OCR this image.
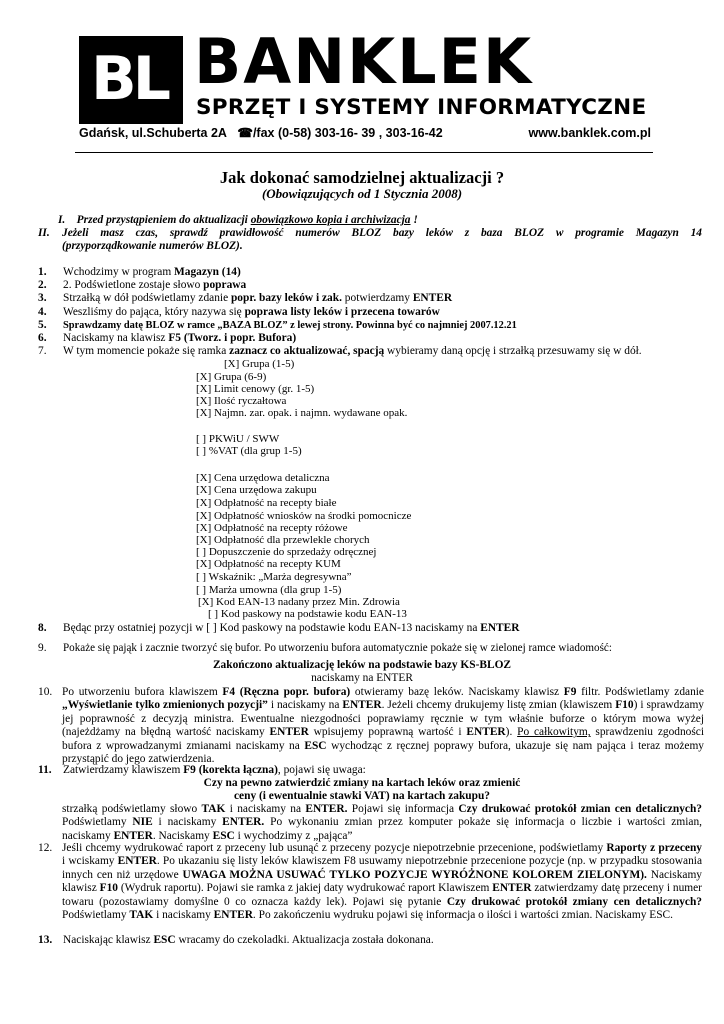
BL BANKLEK
SPRZĘT I SYSTEMY INFORMATYCZNE
Gdańsk, ul.Schuberta 2A ☎/fax (0-58) 303-16- 39 , 303-16-42	www.banklek.com.pl
Jak dokonać samodzielnej aktualizacji ?
(Obowiązujących od 1 Stycznia 2008)
I. Przed przystąpieniem do aktualizacji obowiązkowo kopia i archiwizacja !
II. Jeżeli masz czas, sprawdź prawidłowość numerów BLOZ bazy leków z baza BLOZ w programie Magazyn 14
(przyporządkowanie numerów BLOZ).
1.	Wchodzimy w program Magazyn (14)
2.	2. Podświetlone zostaje słowo poprawa
3.	Strzałką w dół podświetlamy zdanie popr. bazy leków i zak. potwierdzamy ENTER
4.	Weszliśmy do pająca, który nazywa się poprawa listy leków i przecena towarów
5.	Sprawdzamy datę BLOZ w ramce „BAZA BLOZ” z lewej strony. Powinna być co najmniej 2007.12.21
6.	Naciskamy na klawisz F5 (Tworz. i popr. Bufora)
7.	W tym momencie pokaże się ramka zaznacz co aktualizować, spacją wybieramy daną opcję i strzałką przesuwamy się w dół.
[X] Grupa (1-5)
[X] Grupa (6-9)
[X] Limit cenowy (gr. 1-5)
[X] Ilość ryczałtowa
[X] Najmn. zar. opak. i najmn. wydawane opak.
[ ] PKWiU / SWW
[ ] %VAT (dla grup 1-5)
[X] Cena urzędowa detaliczna
[X] Cena urzędowa zakupu
[X] Odpłatność na recepty białe
[X] Odpłatność wniosków na środki pomocnicze
[X] Odpłatność na recepty różowe
[X] Odpłatność dla przewlekle chorych
[ ] Dopuszczenie do sprzedaży odręcznej
[X] Odpłatność na recepty KUM
[ ] Wskaźnik: „Marża degresywna”
[ ] Marża umowna (dla grup 1-5)
[X] Kod EAN-13 nadany przez Min. Zdrowia
[ ] Kod paskowy na podstawie kodu EAN-13
8.	Będąc przy ostatniej pozycji w [ ] Kod paskowy na podstawie kodu EAN-13 naciskamy na ENTER
9.	Pokaże się pająk i zacznie tworzyć się bufor. Po utworzeniu bufora automatycznie pokaże się w zielonej ramce wiadomość:
Zakończono aktualizację leków na podstawie bazy KS-BLOZ
naciskamy na ENTER
10. Po utworzeniu bufora klawiszem F4 (Ręczna popr. bufora) otwieramy bazę leków. Naciskamy klawisz F9 filtr. Podświetlamy zdanie „Wyświetlanie tylko zmienionych pozycji” i naciskamy na ENTER. Jeżeli chcemy drukujemy listę zmian (klawiszem F10) i sprawdzamy jej poprawność z decyzją ministra. Ewentualne niezgodności poprawiamy ręcznie w tym właśnie buforze o którym mowa wyżej (najeżdżamy na błędną wartość naciskamy ENTER wpisujemy poprawną wartość i ENTER). Po całkowitym, sprawdzeniu zgodności bufora z wprowadzanymi zmianami naciskamy na ESC wychodząc z ręcznej poprawy bufora, ukazuje się nam pająca i teraz możemy przystąpić do jego zatwierdzenia.
11. Zatwierdzamy klawiszem F9 (korekta łączna), pojawi się uwaga:
Czy na pewno zatwierdzić zmiany na kartach leków oraz zmienić
ceny (i ewentualnie stawki VAT) na kartach zakupu?
strzałką podświetlamy słowo TAK i naciskamy na ENTER. Pojawi się informacja Czy drukować protokół zmian cen detalicznych? Podświetlamy NIE i naciskamy ENTER. Po wykonaniu zmian przez komputer pokaże się informacja o liczbie i wartości zmian, naciskamy ENTER. Naciskamy ESC i wychodzimy z „pająca”
12. Jeśli chcemy wydrukować raport z przeceny lub usunąć z przeceny pozycje niepotrzebnie przecenione, podświetlamy Raporty z przeceny i wciskamy ENTER. Po ukazaniu się listy leków klawiszem F8 usuwamy niepotrzebnie przecenione pozycje (np. w przypadku stosowania innych cen niż urzędowe UWAGA MOŻNA USUWAĆ TYLKO POZYCJE WYRÓŻNONE KOLOREM ZIELONYM). Naciskamy klawisz F10 (Wydruk raportu). Pojawi sie ramka z jakiej daty wydrukować raport Klawiszem ENTER zatwierdzamy datę przeceny i numer towaru (pozostawiamy domyślne 0 co oznacza każdy lek). Pojawi się pytanie Czy drukować protokół zmiany cen detalicznych? Podświetlamy TAK i naciskamy ENTER. Po zakończeniu wydruku pojawi się informacja o ilości i wartości zmian. Naciskamy ESC.
13. Naciskając klawisz ESC wracamy do czekoladki. Aktualizacja została dokonana.
